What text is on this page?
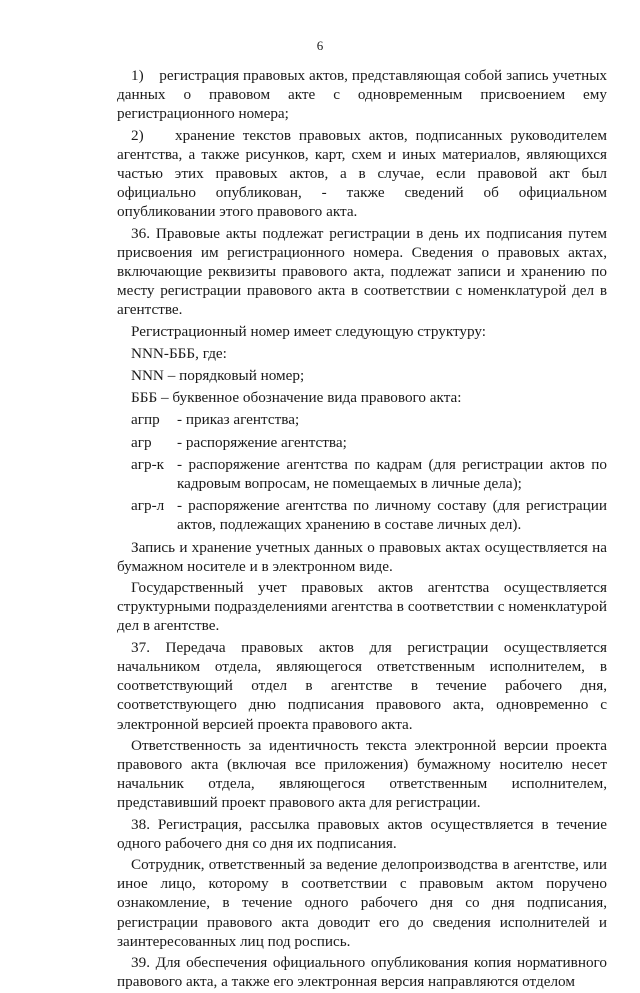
6

1)    регистрация правовых актов, представляющая собой запись учетных данных о правовом акте с одновременным присвоением ему регистрационного номера;

2)    хранение текстов правовых актов, подписанных руководителем агентства, а также рисунков, карт, схем и иных материалов, являющихся частью этих правовых актов, а в случае, если правовой акт был официально опубликован, - также сведений об официальном опубликовании этого правового акта.

36. Правовые акты подлежат регистрации в день их подписания путем присвоения им регистрационного номера. Сведения о правовых актах, включающие реквизиты правового акта, подлежат записи и хранению по месту регистрации правового акта в соответствии с номенклатурой дел в агентстве.

Регистрационный номер имеет следующую структуру:

NNN-БББ, где:

NNN – порядковый номер;

БББ – буквенное обозначение вида правового акта:

агпр	- приказ агентства;
агр	- распоряжение агентства;
агр-к - распоряжение агентства по кадрам (для регистрации актов по кадровым вопросам, не помещаемых в личные дела);
агр-л - распоряжение агентства по личному составу (для регистрации актов, подлежащих хранению в составе личных дел).

Запись и хранение учетных данных о правовых актах осуществляется на бумажном носителе и в электронном виде.

Государственный учет правовых актов агентства осуществляется структурными подразделениями агентства в соответствии с номенклатурой дел в агентстве.

37. Передача правовых актов для регистрации осуществляется начальником отдела, являющегося ответственным исполнителем, в соответствующий отдел в агентстве в течение рабочего дня, соответствующего дню подписания правового акта, одновременно с электронной версией проекта правового акта.

Ответственность за идентичность текста электронной версии проекта правового акта (включая все приложения) бумажному носителю несет начальник отдела, являющегося ответственным исполнителем, представивший проект правового акта для регистрации.

38. Регистрация, рассылка правовых актов осуществляется в течение одного рабочего дня со дня их подписания.

Сотрудник, ответственный за ведение делопроизводства в агентстве, или иное лицо, которому в соответствии с правовым актом поручено ознакомление, в течение одного рабочего дня со дня подписания, регистрации правового акта доводит его до сведения исполнителей и заинтересованных лиц под роспись.

39. Для обеспечения официального опубликования копия нормативного правового акта, а также его электронная версия направляются отделом
